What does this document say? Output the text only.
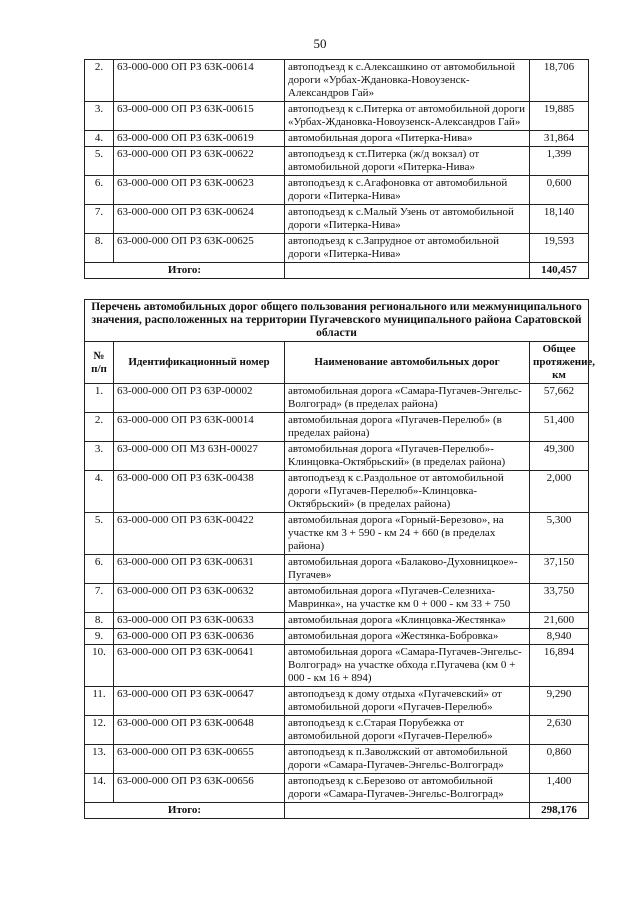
50
2.	63-000-000 ОП РЗ 63К-00614	автоподъезд к с.Алексашкино от автомобильной дороги «Урбах-Ждановка-Новоузенск-Александров Гай»	18,706
3.	63-000-000 ОП РЗ 63К-00615	автоподъезд к с.Питерка от автомобильной дороги «Урбах-Ждановка-Новоузенск-Александров Гай»	19,885
4.	63-000-000 ОП РЗ 63К-00619	автомобильная дорога «Питерка-Нива»	31,864
5.	63-000-000 ОП РЗ 63К-00622	автоподъезд к ст.Питерка (ж/д вокзал) от автомобильной дороги «Питерка-Нива»	1,399
6.	63-000-000 ОП РЗ 63К-00623	автоподъезд к с.Агафоновка от автомобильной дороги «Питерка-Нива»	0,600
7.	63-000-000 ОП РЗ 63К-00624	автоподъезд к с.Малый Узень от автомобильной дороги «Питерка-Нива»	18,140
8.	63-000-000 ОП РЗ 63К-00625	автоподъезд к с.Запрудное от автомобильной дороги «Питерка-Нива»	19,593
Итого:			140,457
Перечень автомобильных дорог общего пользования регионального или межмуниципального значения, расположенных на территории Пугачевского муниципального района Саратовской области			
№ п/п	Идентификационный номер	Наименование автомобильных дорог	Общее протяжение, км
1.	63-000-000 ОП РЗ 63Р-00002	автомобильная дорога «Самара-Пугачев-Энгельс-Волгоград» (в пределах района)	57,662
2.	63-000-000 ОП РЗ 63К-00014	автомобильная дорога «Пугачев-Перелюб» (в пределах района)	51,400
3.	63-000-000 ОП МЗ 63Н-00027	автомобильная дорога «Пугачев-Перелюб»-Клинцовка-Октябрьский» (в пределах района)	49,300
4.	63-000-000 ОП РЗ 63К-00438	автоподъезд к с.Раздольное от автомобильной дороги «Пугачев-Перелюб»-Клинцовка-Октябрьский» (в пределах района)	2,000
5.	63-000-000 ОП РЗ 63К-00422	автомобильная дорога «Горный-Березово», на участке км 3 + 590 - км 24 + 660 (в пределах района)	5,300
6.	63-000-000 ОП РЗ 63К-00631	автомобильная дорога «Балаково-Духовницкое»-Пугачев»	37,150
7.	63-000-000 ОП РЗ 63К-00632	автомобильная дорога «Пугачев-Селезниха-Мавринка», на участке км 0 + 000 - км 33 + 750	33,750
8.	63-000-000 ОП РЗ 63К-00633	автомобильная дорога «Клинцовка-Жестянка»	21,600
9.	63-000-000 ОП РЗ 63К-00636	автомобильная дорога «Жестянка-Бобровка»	8,940
10.	63-000-000 ОП РЗ 63К-00641	автомобильная дорога «Самара-Пугачев-Энгельс-Волгоград» на участке обхода г.Пугачева (км 0 + 000 - км 16 + 894)	16,894
11.	63-000-000 ОП РЗ 63К-00647	автоподъезд к дому отдыха «Пугачевский» от автомобильной дороги «Пугачев-Перелюб»	9,290
12.	63-000-000 ОП РЗ 63К-00648	автоподъезд к с.Старая Порубежка от автомобильной дороги «Пугачев-Перелюб»	2,630
13.	63-000-000 ОП РЗ 63К-00655	автоподъезд к п.Заволжский от автомобильной дороги «Самара-Пугачев-Энгельс-Волгоград»	0,860
14.	63-000-000 ОП РЗ 63К-00656	автоподъезд к с.Березово от автомобильной дороги «Самара-Пугачев-Энгельс-Волгоград»	1,400
Итого:			298,176
